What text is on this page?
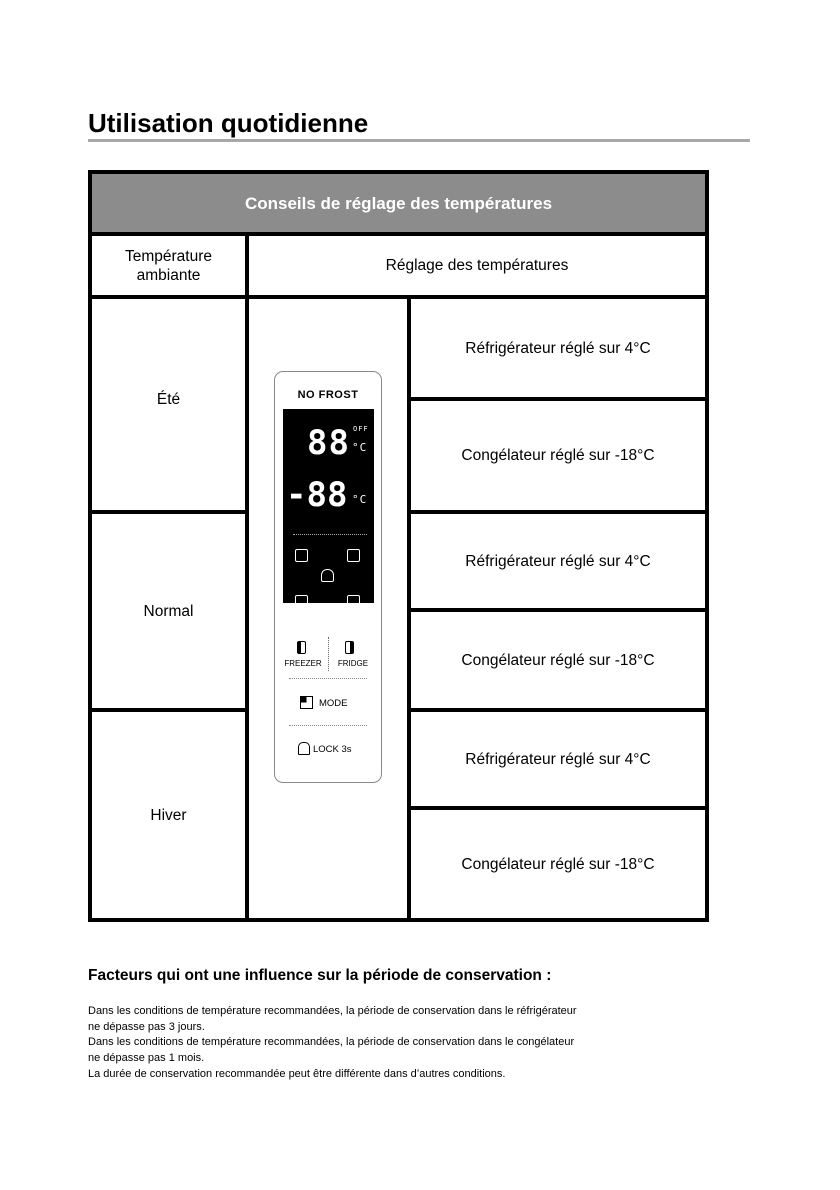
Utilisation quotidienne
Conseils de réglage des températures
Température ambiante
Réglage des températures
Été
Normal
Hiver
Réfrigérateur réglé sur 4°C
Congélateur réglé sur -18°C
Réfrigérateur réglé sur 4°C
Congélateur réglé sur -18°C
Réfrigérateur réglé sur 4°C
Congélateur réglé sur -18°C
NO FROST
88 OFF
°C
-88 °C
FREEZER	FRIDGE
MODE
LOCK 3s
Facteurs qui ont une influence sur la période de conservation :
Dans les conditions de température recommandées, la période de conservation dans le réfrigérateur
ne dépasse pas 3 jours.
Dans les conditions de température recommandées, la période de conservation dans le congélateur
ne dépasse pas 1 mois.
La durée de conservation recommandée peut être différente dans d’autres conditions.
